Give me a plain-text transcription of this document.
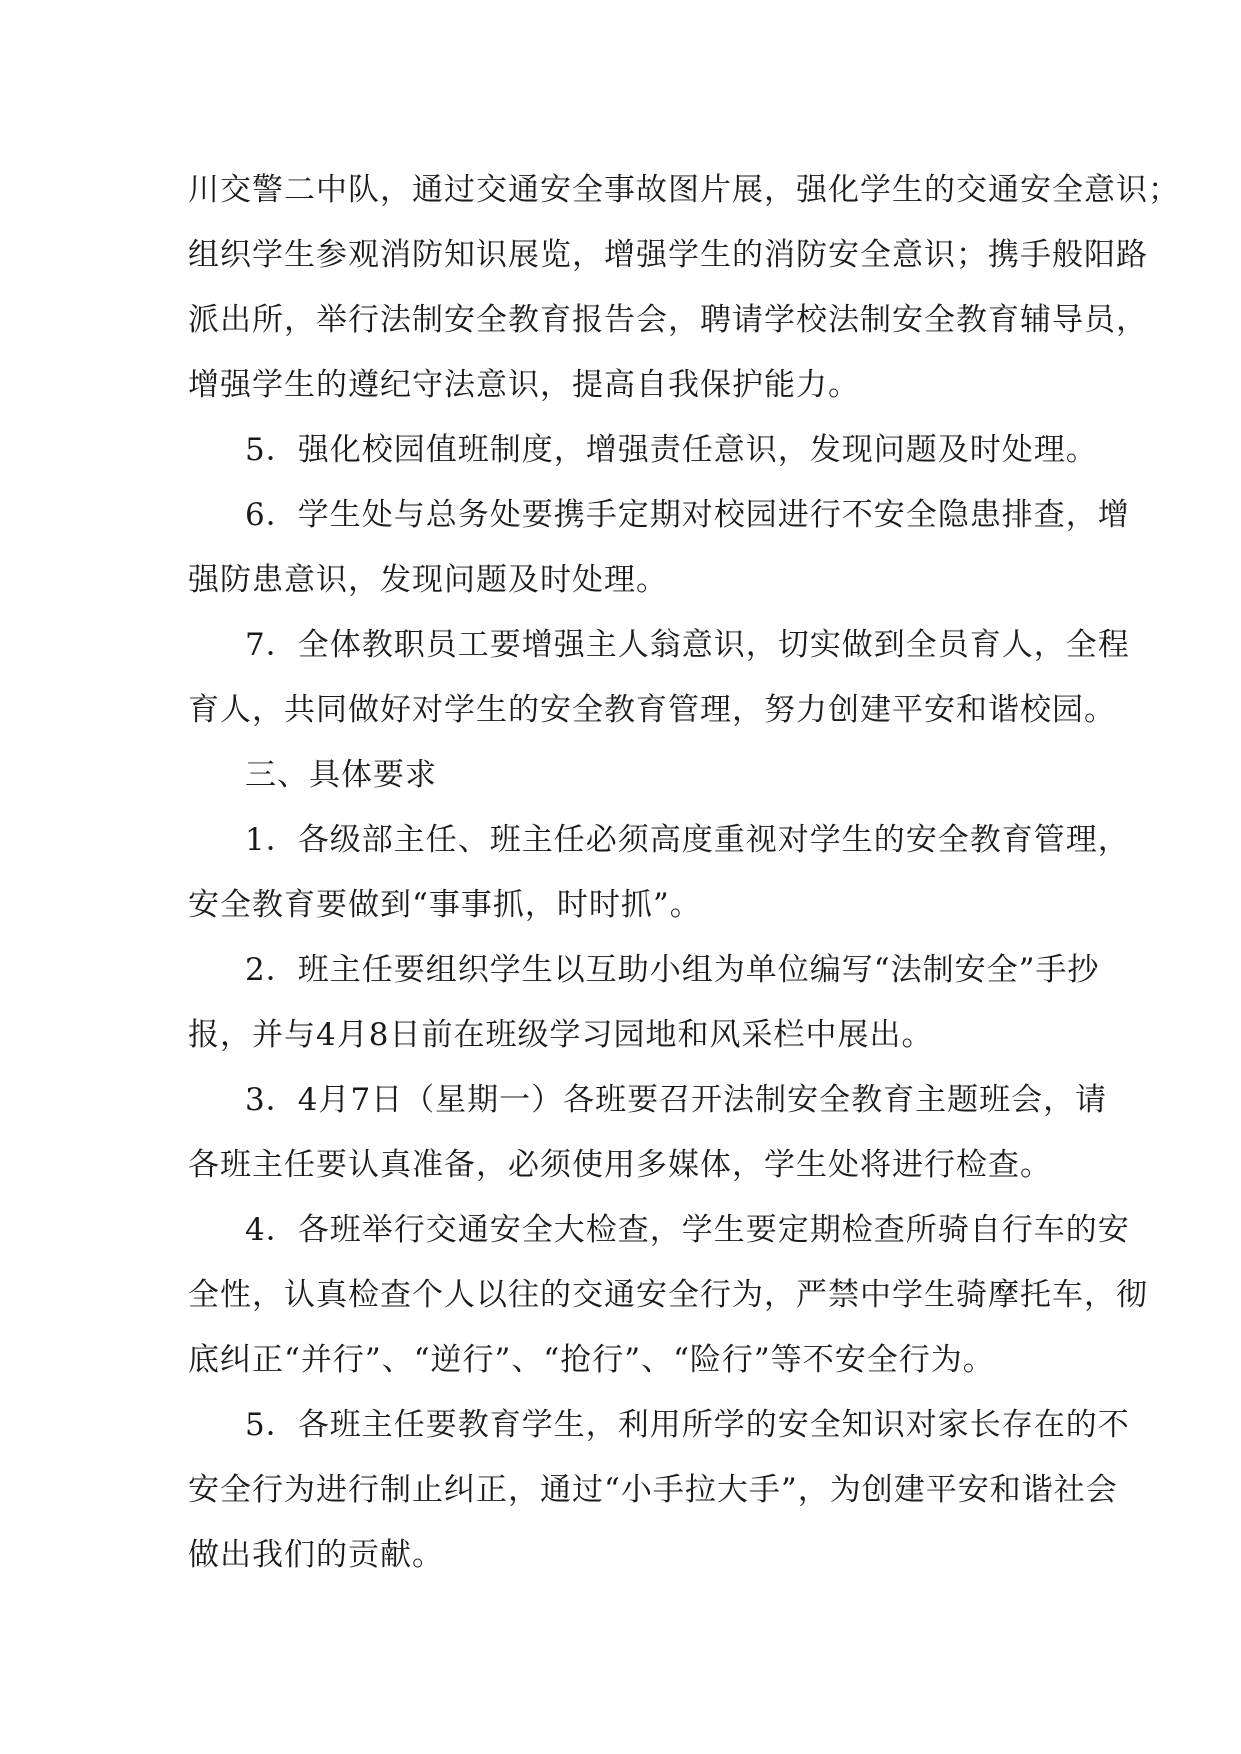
川交警二中队，通过交通安全事故图片展，强化学生的交通安全意识；
组织学生参观消防知识展览，增强学生的消防安全意识；携手般阳路
派出所，举行法制安全教育报告会，聘请学校法制安全教育辅导员，
增强学生的遵纪守法意识，提高自我保护能力。
5．强化校园值班制度，增强责任意识，发现问题及时处理。
6．学生处与总务处要携手定期对校园进行不安全隐患排查，增
强防患意识，发现问题及时处理。
7．全体教职员工要增强主人翁意识，切实做到全员育人，全程
育人，共同做好对学生的安全教育管理，努力创建平安和谐校园。
三、具体要求
1．各级部主任、班主任必须高度重视对学生的安全教育管理，
安全教育要做到“事事抓，时时抓”。
2．班主任要组织学生以互助小组为单位编写“法制安全”手抄
报，并与4月8日前在班级学习园地和风采栏中展出。
3．4月7日（星期一）各班要召开法制安全教育主题班会，请
各班主任要认真准备，必须使用多媒体，学生处将进行检查。
4．各班举行交通安全大检查，学生要定期检查所骑自行车的安
全性，认真检查个人以往的交通安全行为，严禁中学生骑摩托车，彻
底纠正“并行”、“逆行”、“抢行”、“险行”等不安全行为。
5．各班主任要教育学生，利用所学的安全知识对家长存在的不
安全行为进行制止纠正，通过“小手拉大手”，为创建平安和谐社会
做出我们的贡献。
